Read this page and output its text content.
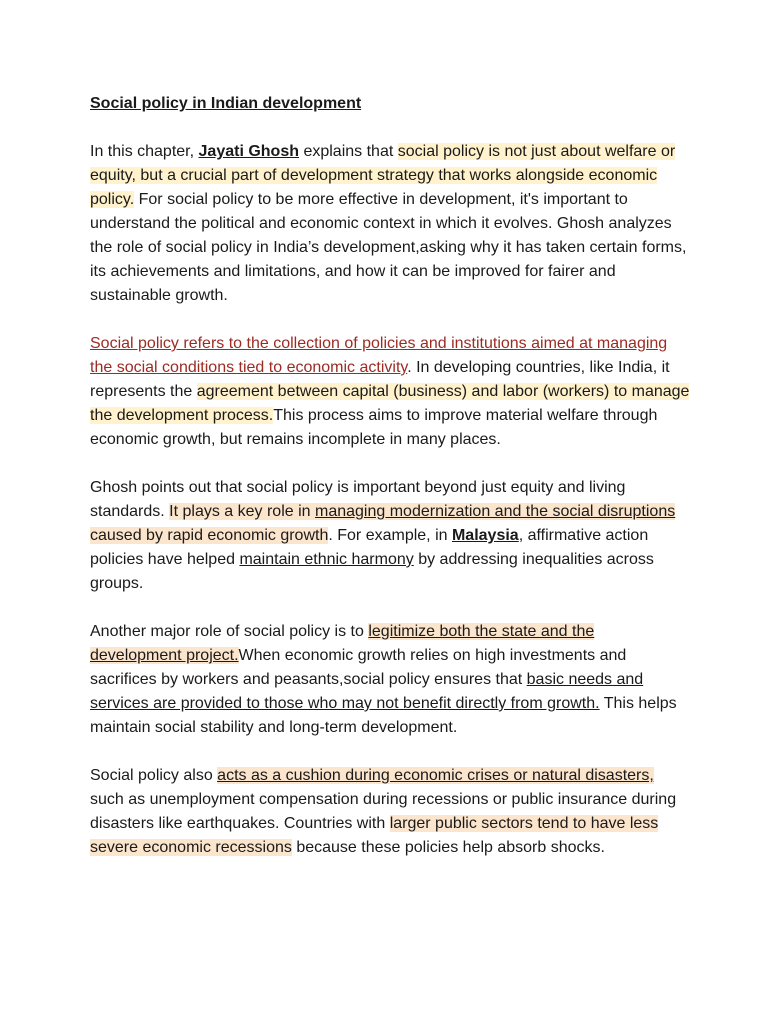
Social policy in Indian development

In this chapter, Jayati Ghosh explains that social policy is not just about welfare or equity, but a crucial part of development strategy that works alongside economic policy. For social policy to be more effective in development, it's important to understand the political and economic context in which it evolves. Ghosh analyzes the role of social policy in India’s development,asking why it has taken certain forms, its achievements and limitations, and how it can be improved for fairer and sustainable growth.

Social policy refers to the collection of policies and institutions aimed at managing the social conditions tied to economic activity. In developing countries, like India, it represents the agreement between capital (business) and labor (workers) to manage the development process.This process aims to improve material welfare through economic growth, but remains incomplete in many places.

Ghosh points out that social policy is important beyond just equity and living standards. It plays a key role in managing modernization and the social disruptions caused by rapid economic growth. For example, in Malaysia, affirmative action policies have helped maintain ethnic harmony by addressing inequalities across groups.

Another major role of social policy is to legitimize both the state and the development project.When economic growth relies on high investments and sacrifices by workers and peasants,social policy ensures that basic needs and services are provided to those who may not benefit directly from growth. This helps maintain social stability and long-term development.

Social policy also acts as a cushion during economic crises or natural disasters, such as unemployment compensation during recessions or public insurance during disasters like earthquakes. Countries with larger public sectors tend to have less severe economic recessions because these policies help absorb shocks.
